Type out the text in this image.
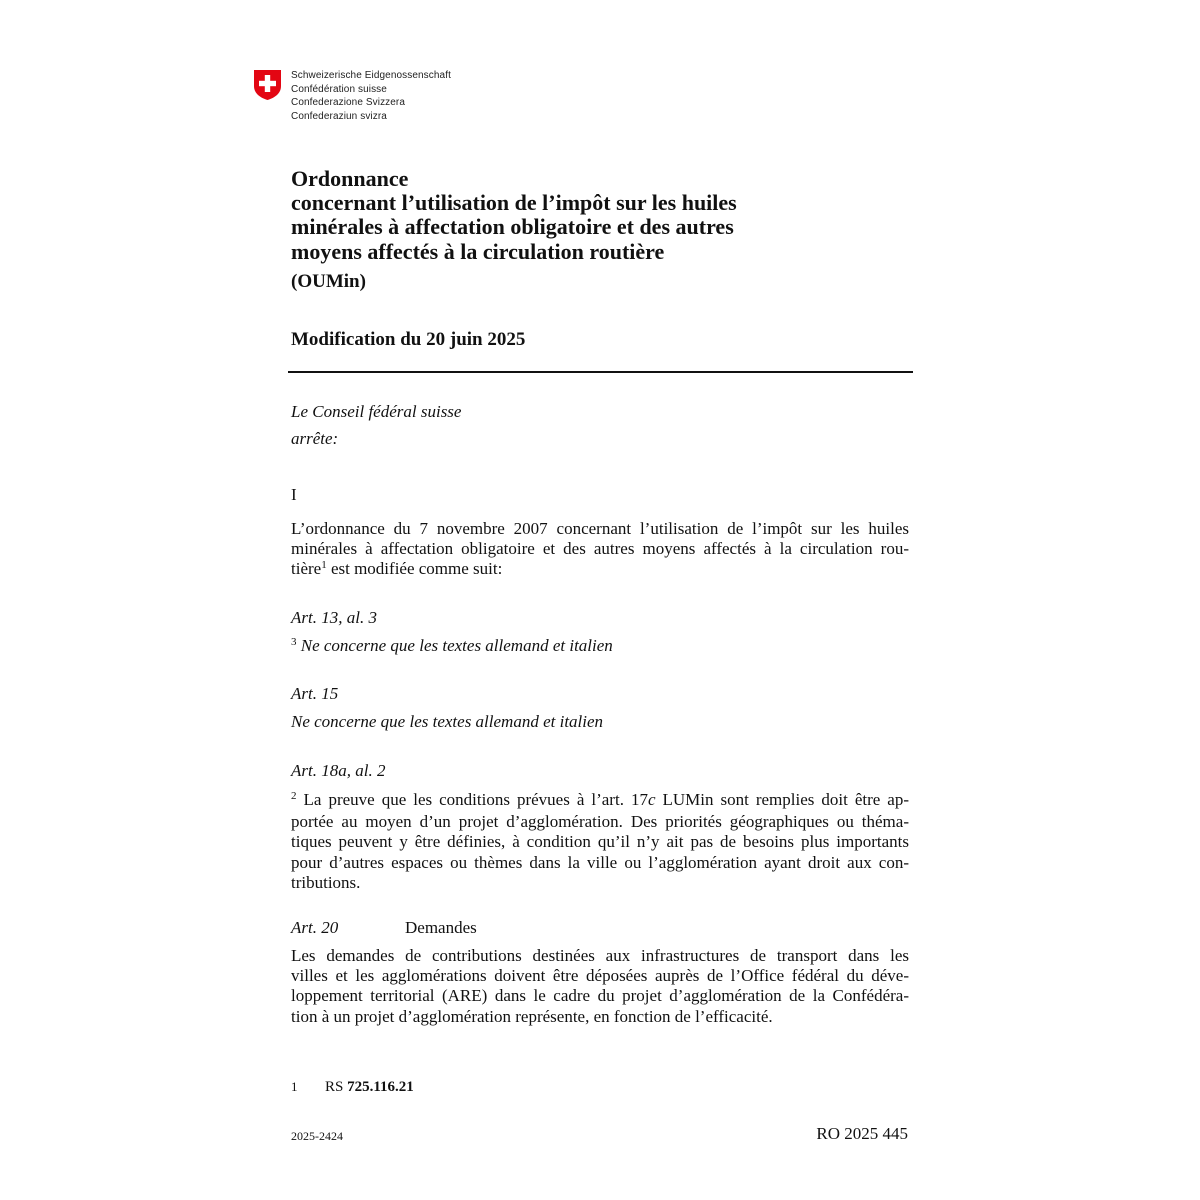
Schweizerische Eidgenossenschaft
Confédération suisse
Confederazione Svizzera
Confederaziun svizra
Ordonnance
concernant l’utilisation de l’impôt sur les huiles
minérales à affectation obligatoire et des autres
moyens affectés à la circulation routière
(OUMin)
Modification du 20 juin 2025
Le Conseil fédéral suisse
arrête:
I
L’ordonnance du 7 novembre 2007 concernant l’utilisation de l’impôt sur les huiles
minérales à affectation obligatoire et des autres moyens affectés à la circulation rou-
tière$^1$ est modifiée comme suit:
Art. 13, al. 3
$^3$ Ne concerne que les textes allemand et italien
Art. 15
Ne concerne que les textes allemand et italien
Art. 18a, al. 2
$^2$ La preuve que les conditions prévues à l’art. 17c LUMin sont remplies doit être ap-
portée au moyen d’un projet d’agglomération. Des priorités géographiques ou théma-
tiques peuvent y être définies, à condition qu’il n’y ait pas de besoins plus importants
pour d’autres espaces ou thèmes dans la ville ou l’agglomération ayant droit aux con-
tributions.
Art. 20	Demandes
Les demandes de contributions destinées aux infrastructures de transport dans les
villes et les agglomérations doivent être déposées auprès de l’Office fédéral du déve-
loppement territorial (ARE) dans le cadre du projet d’agglomération de la Confédéra-
tion à un projet d’agglomération représente, en fonction de l’efficacité.
1 RS 725.116.21
2025-2424	RO 2025 445
